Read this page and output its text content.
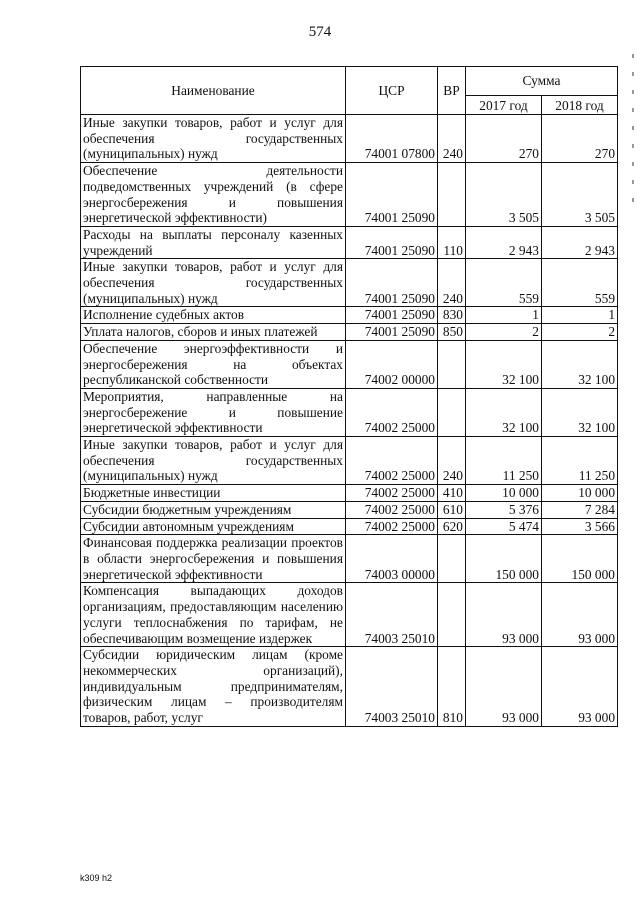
574
Наименование	ЦСР	ВР	Сумма	
			2017 год	2018 год
Иные закупки товаров, работ и услуг для обеспечения государственных (муниципальных) нужд	74001 07800	240	270	270
Обеспечение деятельности подведомственных учреждений (в сфере энергосбережения и повышения энергетической эффективности)	74001 25090		3 505	3 505
Расходы на выплаты персоналу казенных учреждений	74001 25090	110	2 943	2 943
Иные закупки товаров, работ и услуг для обеспечения государственных (муниципальных) нужд	74001 25090	240	559	559
Исполнение судебных актов	74001 25090	830	1	1
Уплата налогов, сборов и иных платежей	74001 25090	850	2	2
Обеспечение энергоэффективности и энергосбережения на объектах республиканской собственности	74002 00000		32 100	32 100
Мероприятия, направленные на энергосбережение и повышение энергетической эффективности	74002 25000		32 100	32 100
Иные закупки товаров, работ и услуг для обеспечения государственных (муниципальных) нужд	74002 25000	240	11 250	11 250
Бюджетные инвестиции	74002 25000	410	10 000	10 000
Субсидии бюджетным учреждениям	74002 25000	610	5 376	7 284
Субсидии автономным учреждениям	74002 25000	620	5 474	3 566
Финансовая поддержка реализации проектов в области энергосбережения и повышения энергетической эффективности	74003 00000		150 000	150 000
Компенсация выпадающих доходов организациям, предоставляющим населению услуги теплоснабжения по тарифам, не обеспечивающим возмещение издержек	74003 25010		93 000	93 000
Субсидии юридическим лицам (кроме некоммерческих организаций), индивидуальным предпринимателям, физическим лицам – производителям товаров, работ, услуг	74003 25010	810	93 000	93 000
k309 h2
